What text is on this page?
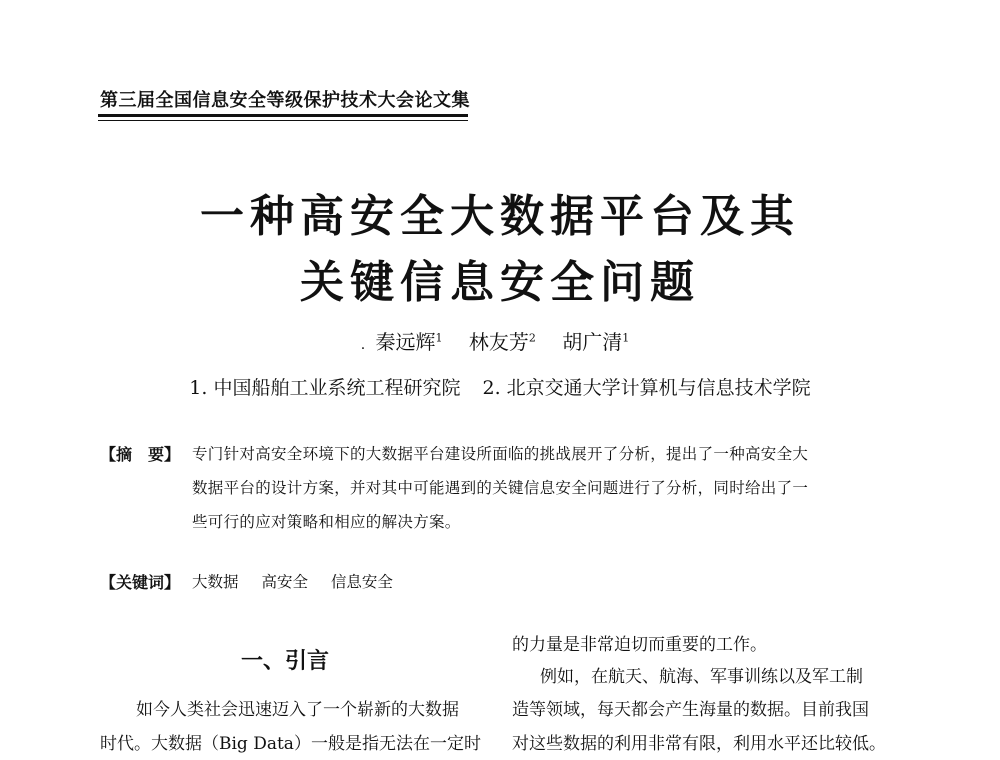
第三届全国信息安全等级保护技术大会论文集
一种高安全大数据平台及其
关键信息安全问题
. 秦远辉$^1$ 林友芳$^2$ 胡广清$^1$
1. 中国船舶工业系统工程研究院 2. 北京交通大学计算机与信息技术学院
【摘　要】 专门针对高安全环境下的大数据平台建设所面临的挑战展开了分析，提出了一种高安全大
数据平台的设计方案，并对其中可能遇到的关键信息安全问题进行了分析，同时给出了一
些可行的应对策略和相应的解决方案。
【关键词】 大数据 高安全 信息安全
一、引言
如今人类社会迅速迈入了一个崭新的大数据
时代。大数据（Big Data）一般是指无法在一定时
的力量是非常迫切而重要的工作。
例如，在航天、航海、军事训练以及军工制
造等领域，每天都会产生海量的数据。目前我国
对这些数据的利用非常有限，利用水平还比较低。
